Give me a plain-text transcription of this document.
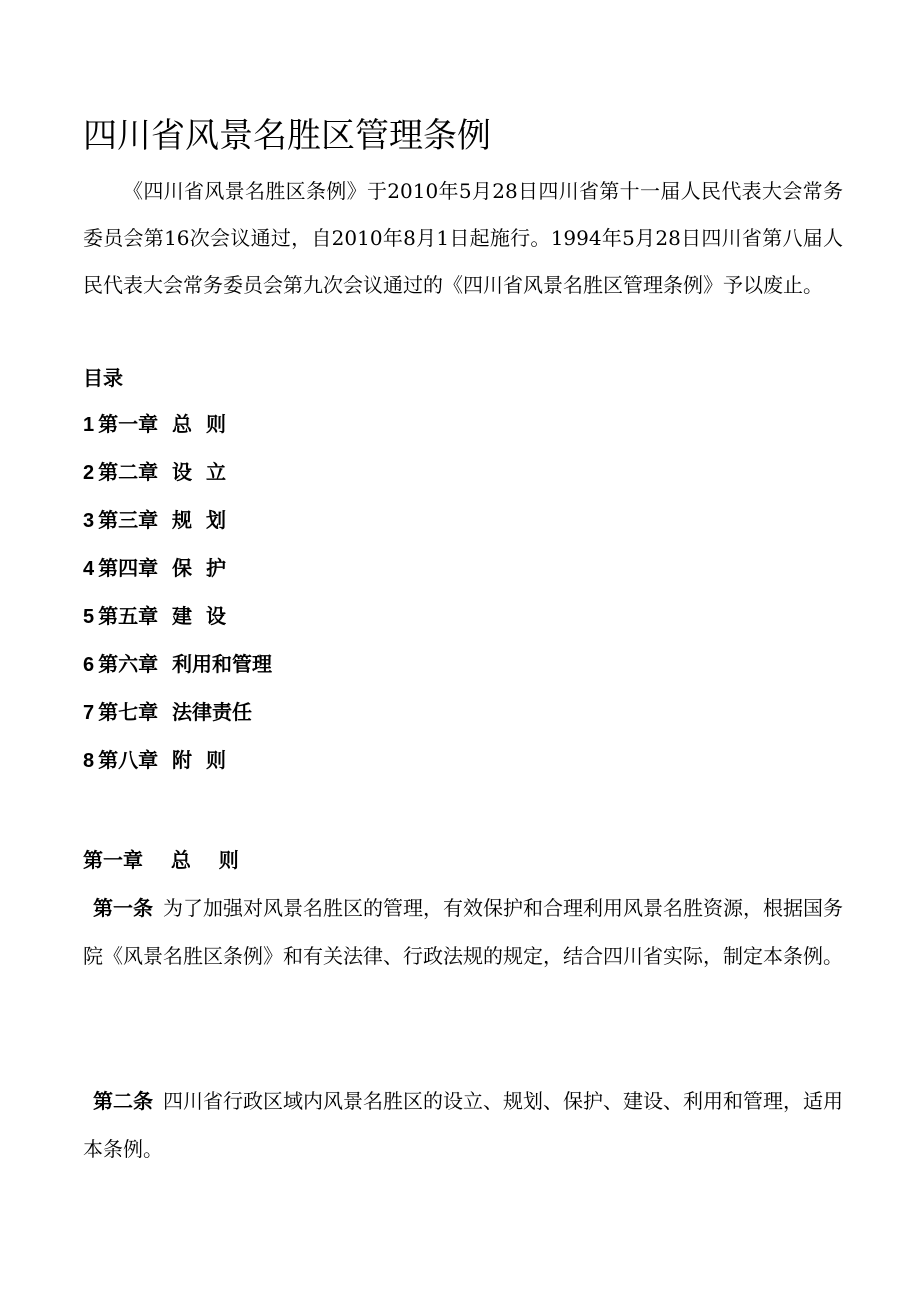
四川省风景名胜区管理条例

《四川省风景名胜区条例》于2010年5月28日四川省第十一届人民代表大会常务委员会第16次会议通过，自2010年8月1日起施行。1994年5月28日四川省第八届人民代表大会常务委员会第九次会议通过的《四川省风景名胜区管理条例》予以废止。

目录
1 第一章  总  则
2 第二章  设  立
3 第三章  规  划
4 第四章  保  护
5 第五章  建  设
6 第六章  利用和管理
7 第七章  法律责任
8 第八章  附  则
第一章    总    则

第一条 为了加强对风景名胜区的管理，有效保护和合理利用风景名胜资源，根据国务院《风景名胜区条例》和有关法律、行政法规的规定，结合四川省实际，制定本条例。

第二条 四川省行政区域内风景名胜区的设立、规划、保护、建设、利用和管理，适用本条例。
